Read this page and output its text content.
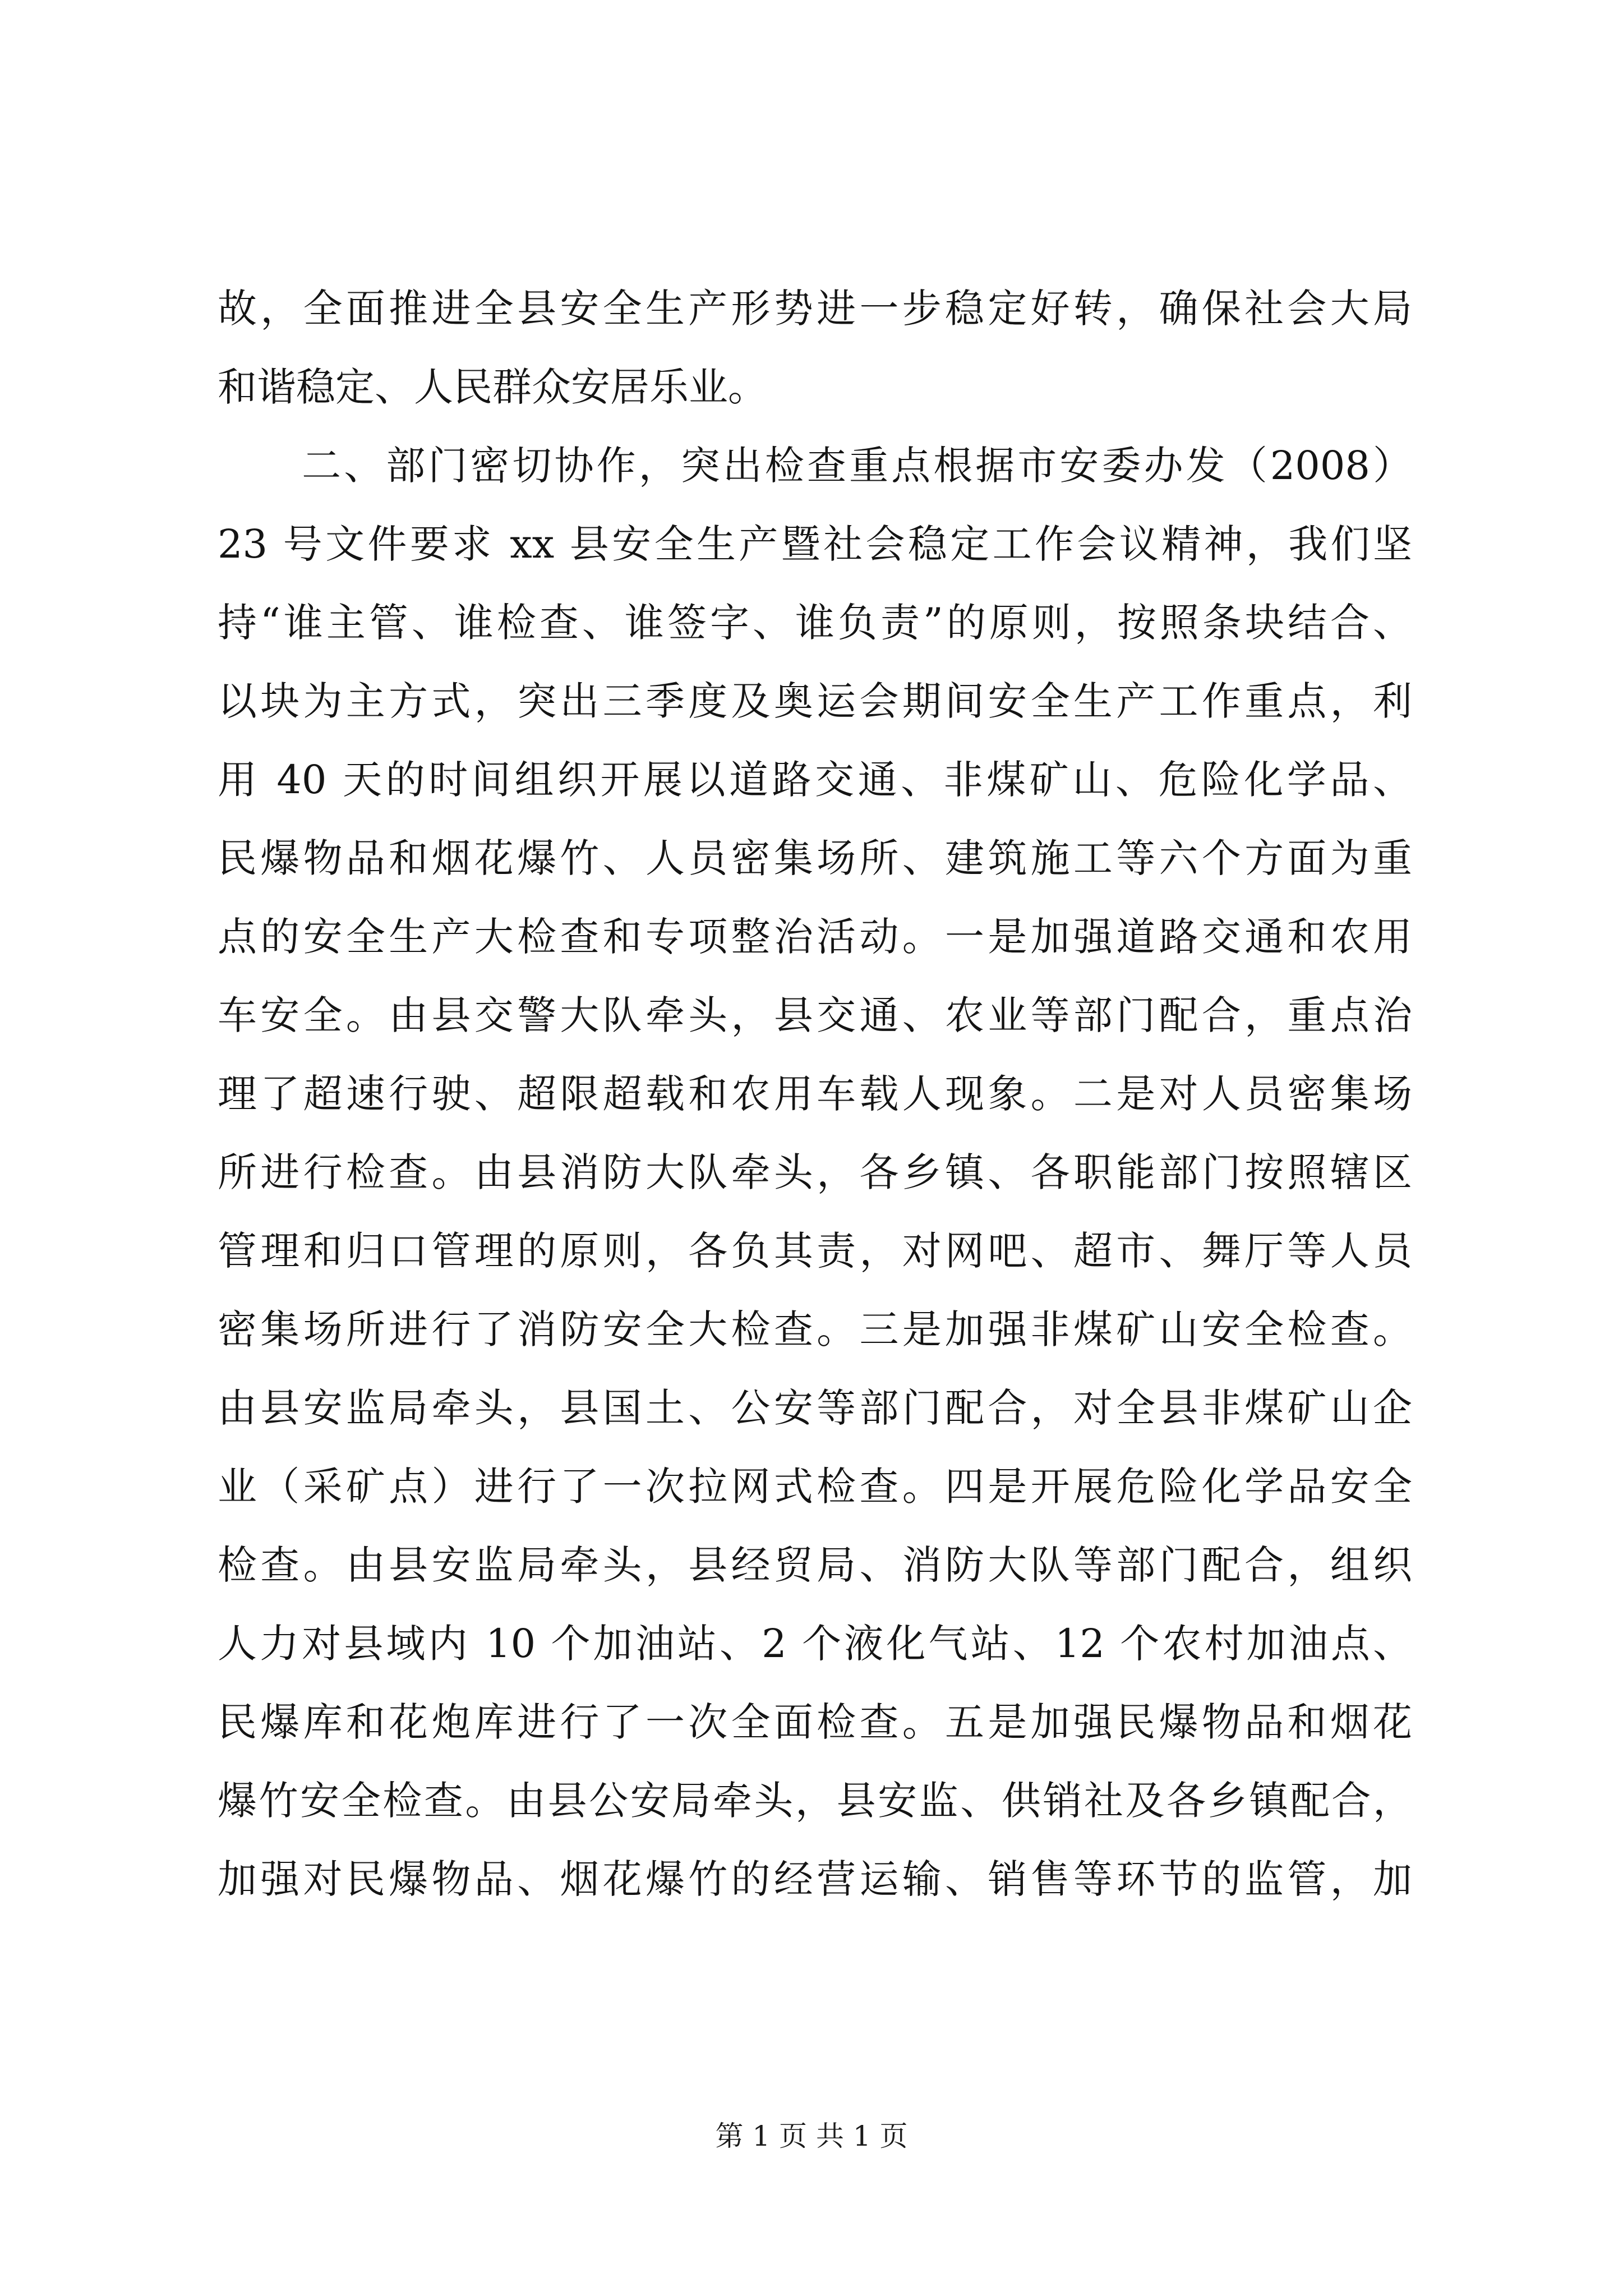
故，全面推进全县安全生产形势进一步稳定好转，确保社会大局
和谐稳定、人民群众安居乐业。
　　二、部门密切协作，突出检查重点根据市安委办发（2008）
23 号文件要求 xx 县安全生产暨社会稳定工作会议精神，我们坚
持“谁主管、谁检查、谁签字、谁负责”的原则，按照条块结合、
以块为主方式，突出三季度及奥运会期间安全生产工作重点，利
用 40 天的时间组织开展以道路交通、非煤矿山、危险化学品、
民爆物品和烟花爆竹、人员密集场所、建筑施工等六个方面为重
点的安全生产大检查和专项整治活动。一是加强道路交通和农用
车安全。由县交警大队牵头，县交通、农业等部门配合，重点治
理了超速行驶、超限超载和农用车载人现象。二是对人员密集场
所进行检查。由县消防大队牵头，各乡镇、各职能部门按照辖区
管理和归口管理的原则，各负其责，对网吧、超市、舞厅等人员
密集场所进行了消防安全大检查。三是加强非煤矿山安全检查。
由县安监局牵头，县国土、公安等部门配合，对全县非煤矿山企
业（采矿点）进行了一次拉网式检查。四是开展危险化学品安全
检查。由县安监局牵头，县经贸局、消防大队等部门配合，组织
人力对县域内 10 个加油站、2 个液化气站、12 个农村加油点、
民爆库和花炮库进行了一次全面检查。五是加强民爆物品和烟花
爆竹安全检查。由县公安局牵头，县安监、供销社及各乡镇配合，
加强对民爆物品、烟花爆竹的经营运输、销售等环节的监管，加
第 1 页 共 1 页
